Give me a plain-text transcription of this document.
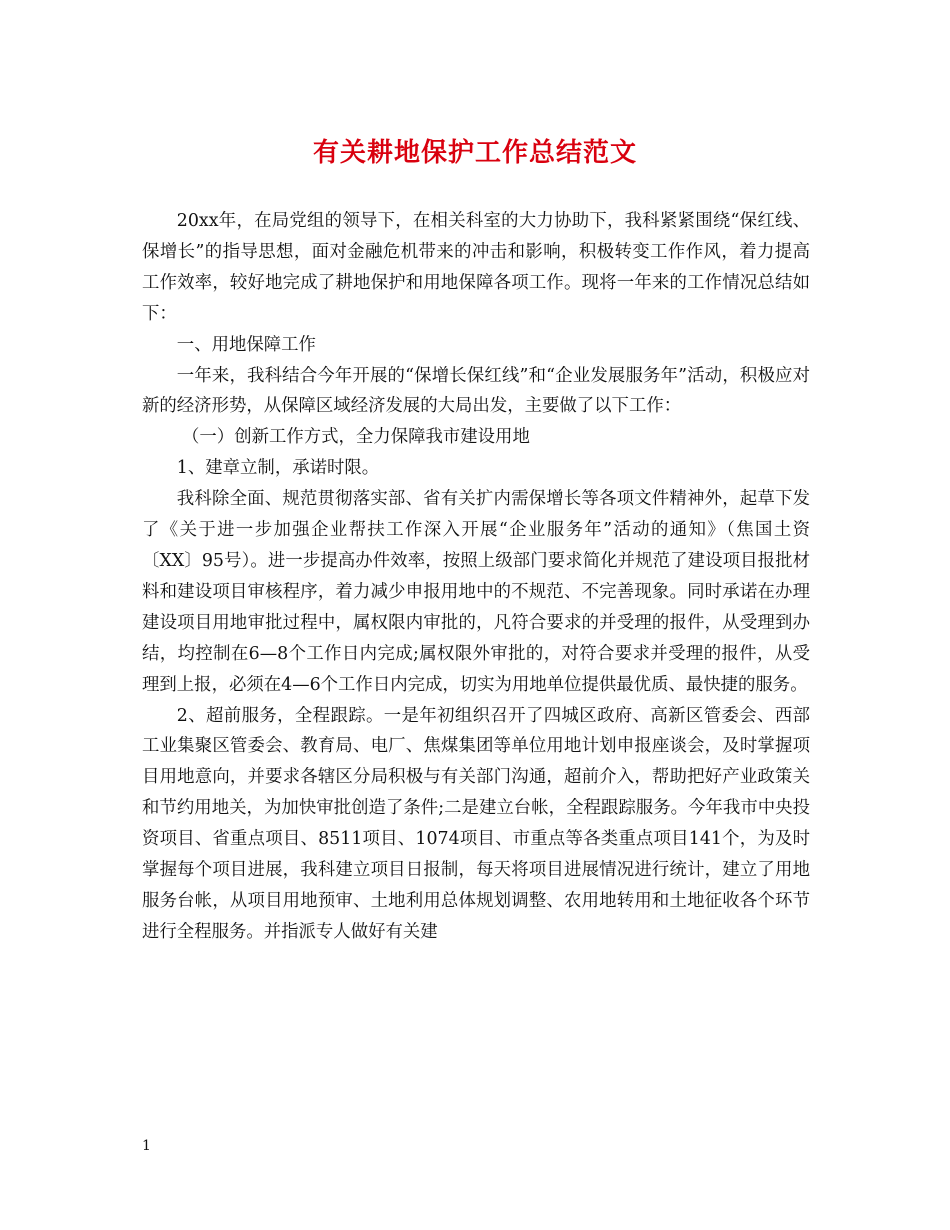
有关耕地保护工作总结范文

20xx年，在局党组的领导下，在相关科室的大力协助下，我科紧紧围绕“保红线、保增长”的指导思想，面对金融危机带来的冲击和影响，积极转变工作作风，着力提高工作效率，较好地完成了耕地保护和用地保障各项工作。现将一年来的工作情况总结如下：

一、用地保障工作

一年来，我科结合今年开展的“保增长保红线”和“企业发展服务年”活动，积极应对新的经济形势，从保障区域经济发展的大局出发，主要做了以下工作：

（一）创新工作方式，全力保障我市建设用地

1、建章立制，承诺时限。

我科除全面、规范贯彻落实部、省有关扩内需保增长等各项文件精神外，起草下发了《关于进一步加强企业帮扶工作深入开展“企业服务年”活动的通知》（焦国土资〔XX〕95号）。进一步提高办件效率，按照上级部门要求简化并规范了建设项目报批材料和建设项目审核程序，着力减少申报用地中的不规范、不完善现象。同时承诺在办理建设项目用地审批过程中，属权限内审批的，凡符合要求的并受理的报件，从受理到办结，均控制在6—8个工作日内完成;属权限外审批的，对符合要求并受理的报件，从受理到上报，必须在4—6个工作日内完成，切实为用地单位提供最优质、最快捷的服务。

2、超前服务，全程跟踪。一是年初组织召开了四城区政府、高新区管委会、西部工业集聚区管委会、教育局、电厂、焦煤集团等单位用地计划申报座谈会，及时掌握项目用地意向，并要求各辖区分局积极与有关部门沟通，超前介入，帮助把好产业政策关和节约用地关，为加快审批创造了条件;二是建立台帐，全程跟踪服务。今年我市中央投资项目、省重点项目、8511项目、1074项目、市重点等各类重点项目141个，为及时掌握每个项目进展，我科建立项目日报制，每天将项目进展情况进行统计，建立了用地服务台帐，从项目用地预审、土地利用总体规划调整、农用地转用和土地征收各个环节进行全程服务。并指派专人做好有关建

1
